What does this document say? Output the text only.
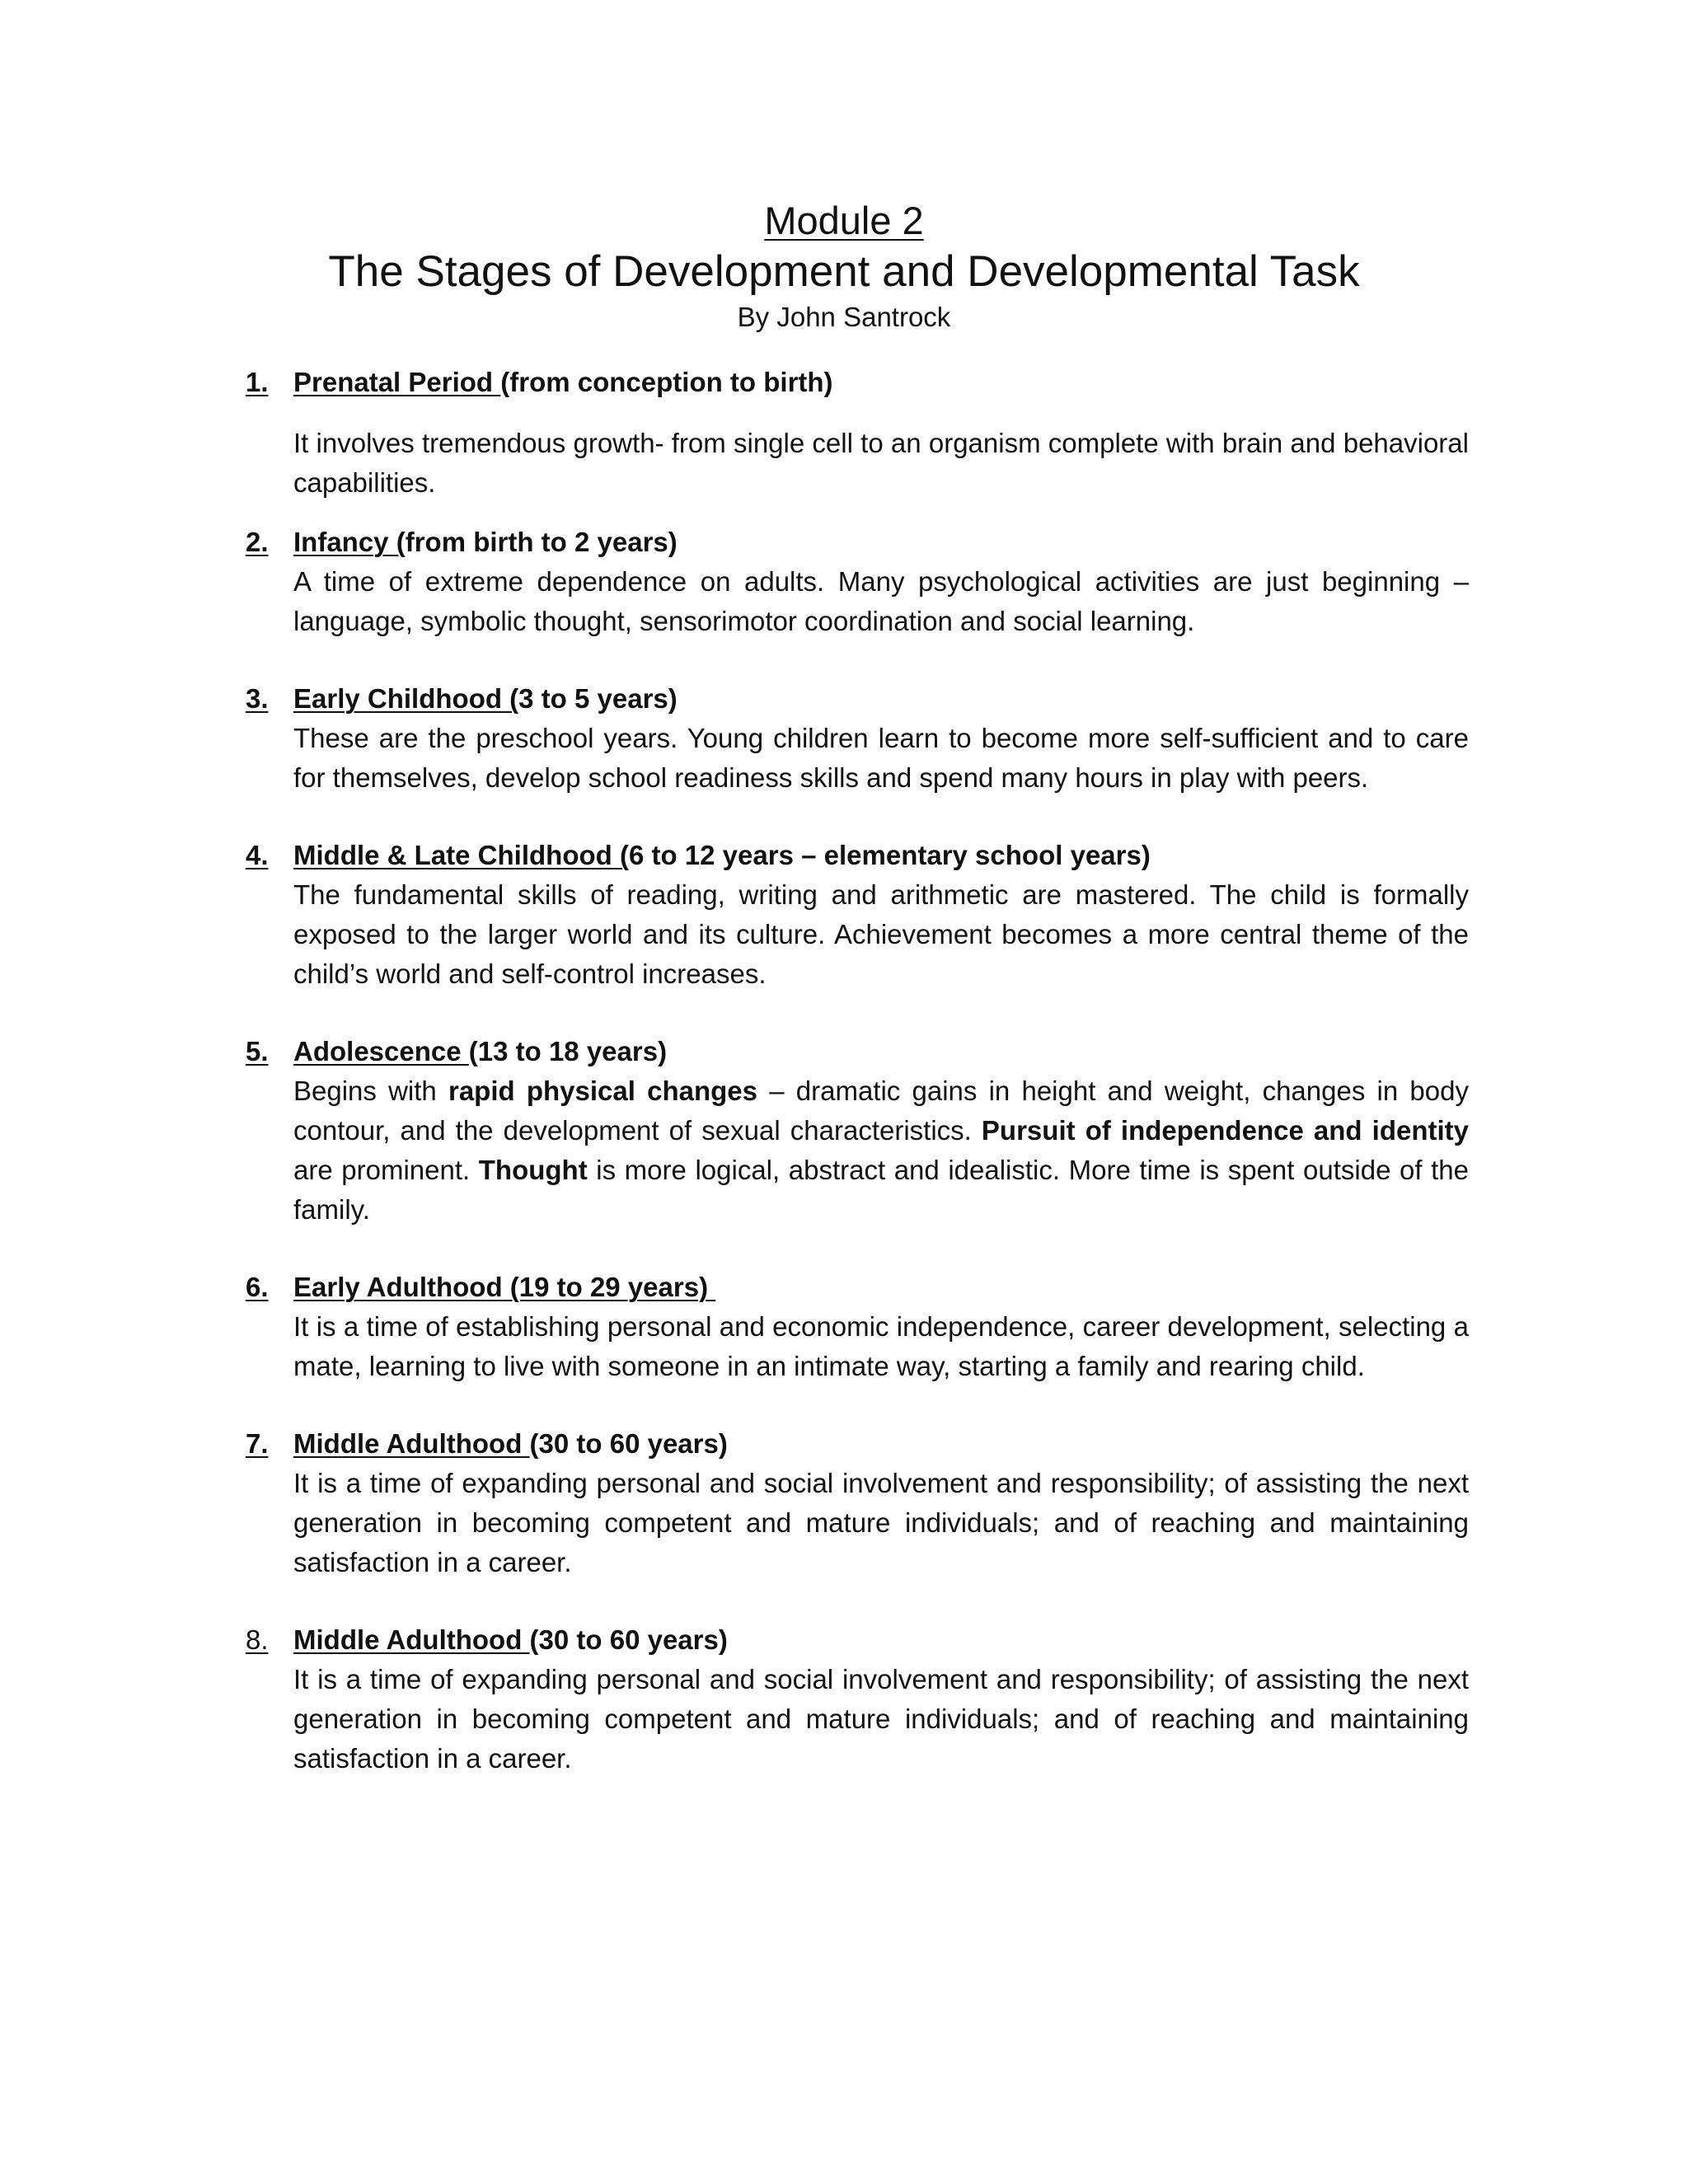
Module 2
The Stages of Development and Developmental Task
By John Santrock
1. Prenatal Period (from conception to birth)
It involves tremendous growth- from single cell to an organism complete with brain and behavioral capabilities.
2. Infancy ( from birth to 2 years)
A time of extreme dependence on adults. Many psychological activities are just beginning – language, symbolic thought, sensorimotor coordination and social learning.
3. Early Childhood ( 3 to 5 years)
These are the preschool years. Young children learn to become more self-sufficient and to care for themselves, develop school readiness skills and spend many hours in play with peers.
4. Middle & Late Childhood ( 6 to 12 years – elementary school years)
The fundamental skills of reading, writing and arithmetic are mastered. The child is formally exposed to the larger world and its culture. Achievement becomes a more central theme of the child’s world and self-control increases.
5. Adolescence (13 to 18 years)
Begins with rapid physical changes – dramatic gains in height and weight, changes in body contour, and the development of sexual characteristics. Pursuit of independence and identity are prominent. Thought is more logical, abstract and idealistic. More time is spent outside of the family.
6. Early Adulthood (19 to 29 years)
It is a time of establishing personal and economic independence, career development, selecting a mate, learning to live with someone in an intimate way, starting a family and rearing child.
7. Middle Adulthood (30 to 60 years)
It is a time of expanding personal and social involvement and responsibility; of assisting the next generation in becoming competent and mature individuals; and of reaching and maintaining satisfaction in a career.
8. Middle Adulthood (30 to 60 years)
It is a time of expanding personal and social involvement and responsibility; of assisting the next generation in becoming competent and mature individuals; and of reaching and maintaining satisfaction in a career.
